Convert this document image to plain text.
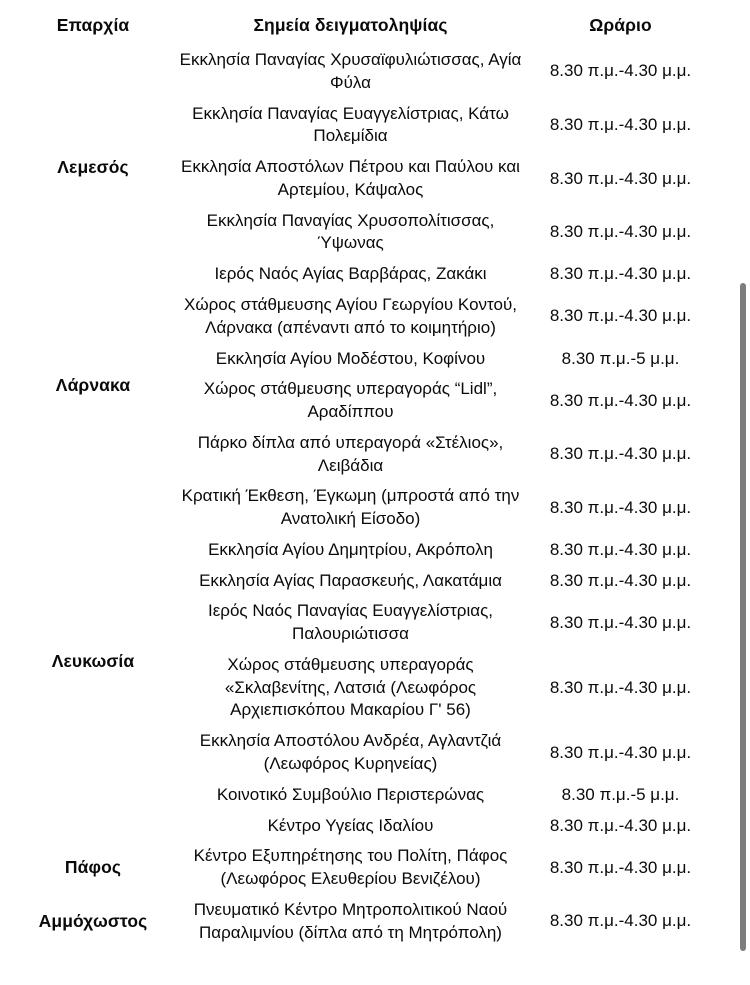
Επαρχία	Σημεία δειγματοληψίας	Ωράριο
Λεμεσός	Εκκλησία Παναγίας Χρυσαϊφυλιώτισσας, Αγία Φύλα	8.30 π.μ.-4.30 μ.μ.
	Εκκλησία Παναγίας Ευαγγελίστριας, Κάτω Πολεμίδια	8.30 π.μ.-4.30 μ.μ.
	Εκκλησία Αποστόλων Πέτρου και Παύλου και Αρτεμίου, Κάψαλος	8.30 π.μ.-4.30 μ.μ.
	Εκκλησία Παναγίας Χρυσοπολίτισσας, Ύψωνας	8.30 π.μ.-4.30 μ.μ.
	Ιερός Ναός Αγίας Βαρβάρας, Ζακάκι	8.30 π.μ.-4.30 μ.μ.
Λάρνακα	Χώρος στάθμευσης Αγίου Γεωργίου Κοντού, Λάρνακα (απέναντι από το κοιμητήριο)	8.30 π.μ.-4.30 μ.μ.
	Εκκλησία Αγίου Μοδέστου, Κοφίνου	8.30 π.μ.-5 μ.μ.
	Χώρος στάθμευσης υπεραγοράς “Lidl”, Αραδίππου	8.30 π.μ.-4.30 μ.μ.
	Πάρκο δίπλα από υπεραγορά «Στέλιος», Λειβάδια	8.30 π.μ.-4.30 μ.μ.
Λευκωσία	Κρατική Έκθεση, Έγκωμη (μπροστά από την Ανατολική Είσοδο)	8.30 π.μ.-4.30 μ.μ.
	Εκκλησία Αγίου Δημητρίου, Ακρόπολη	8.30 π.μ.-4.30 μ.μ.
	Εκκλησία Αγίας Παρασκευής, Λακατάμια	8.30 π.μ.-4.30 μ.μ.
	Ιερός Ναός Παναγίας Ευαγγελίστριας, Παλουριώτισσα	8.30 π.μ.-4.30 μ.μ.
	Χώρος στάθμευσης υπεραγοράς «Σκλαβενίτης, Λατσιά (Λεωφόρος Αρχιεπισκόπου Μακαρίου Γ' 56)	8.30 π.μ.-4.30 μ.μ.
	Εκκλησία Αποστόλου Ανδρέα, Αγλαντζιά (Λεωφόρος Κυρηνείας)	8.30 π.μ.-4.30 μ.μ.
	Κοινοτικό Συμβούλιο Περιστερώνας	8.30 π.μ.-5 μ.μ.
	Κέντρο Υγείας Ιδαλίου	8.30 π.μ.-4.30 μ.μ.
Πάφος	Κέντρο Εξυπηρέτησης του Πολίτη, Πάφος (Λεωφόρος Ελευθερίου Βενιζέλου)	8.30 π.μ.-4.30 μ.μ.
Αμμόχωστος	Πνευματικό Κέντρο Μητροπολιτικού Ναού Παραλιμνίου (δίπλα από τη Μητρόπολη)	8.30 π.μ.-4.30 μ.μ.
